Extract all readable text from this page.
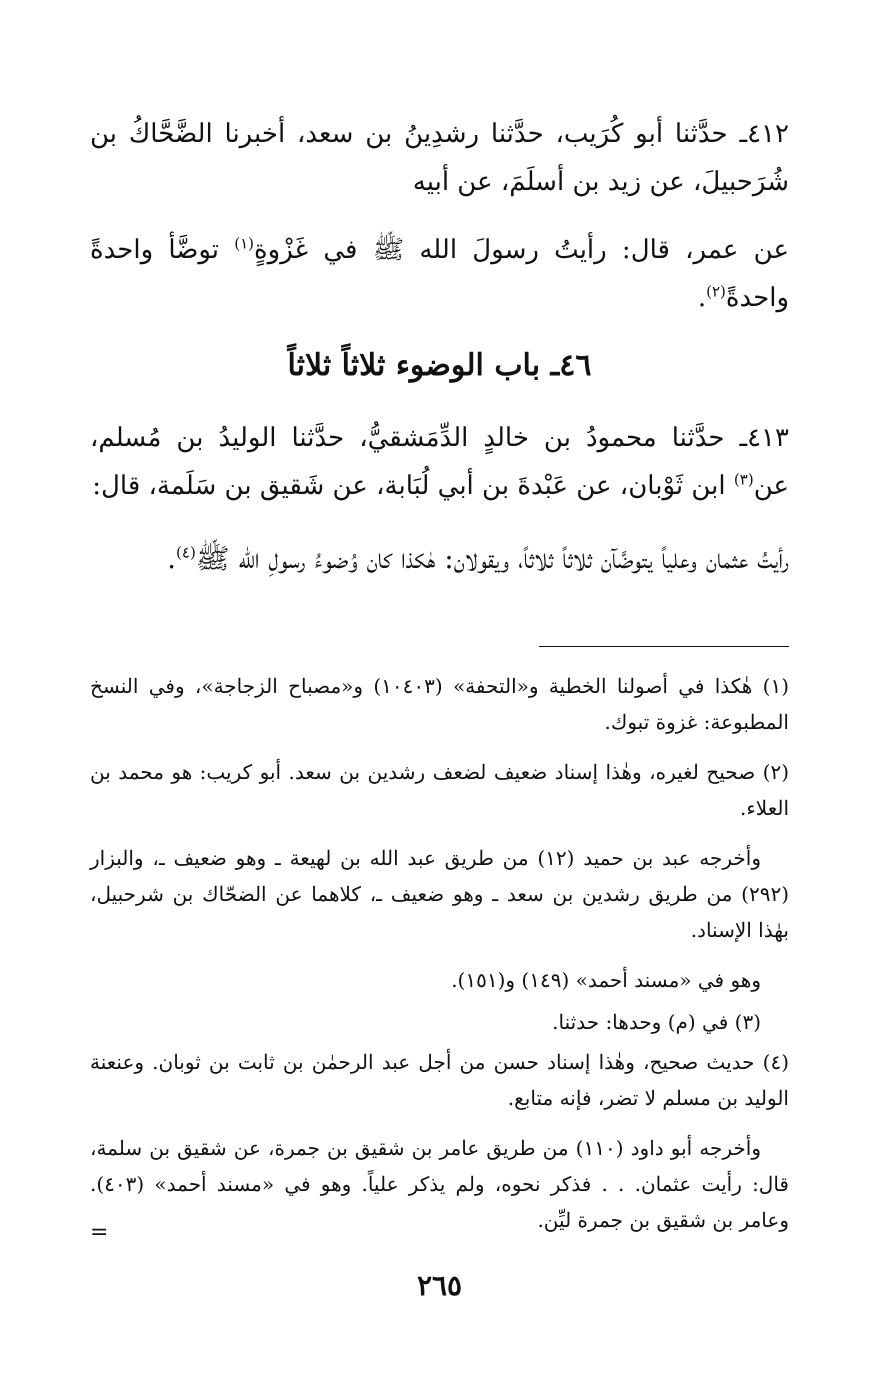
٤١٢ـ حدَّثنا أبو كُرَيب، حدَّثنا رشدِينُ بن سعد، أخبرنا الضَّحَّاكُ بن شُرَحبيلَ، عن زيد بن أسلَمَ، عن أبيه

عن عمر، قال: رأيتُ رسولَ الله ﷺ في غَزْوةٍ$^{(١)}$ توضَّأ واحدةً واحدةً$^{(٢)}$.

٤٦ـ باب الوضوء ثلاثاً ثلاثاً

٤١٣ـ حدَّثنا محمودُ بن خالدٍ الدِّمَشقيُّ، حدَّثنا الوليدُ بن مُسلم، عن$^{(٣)}$ ابن ثَوْبان، عن عَبْدةَ بن أبي لُبَابة، عن شَقيق بن سَلَمة، قال:

رأيتُ عثمان وعلياً يتوضَّآن ثلاثاً ثلاثاً، ويقولان: هٰكذا كان وُضوءُ رسولِ الله ﷺ$^{(٤)}$.

(١) هٰكذا في أصولنا الخطية و«التحفة» (١٠٤٠٣) و«مصباح الزجاجة»، وفي النسخ المطبوعة: غزوة تبوك.

(٢) صحيح لغيره، وهٰذا إسناد ضعيف لضعف رشدين بن سعد. أبو كريب: هو محمد بن العلاء.

وأخرجه عبد بن حميد (١٢) من طريق عبد الله بن لهيعة ـ وهو ضعيف ـ، والبزار (٢٩٢) من طريق رشدين بن سعد ـ وهو ضعيف ـ، كلاهما عن الضحّاك بن شرحبيل، بهٰذا الإسناد.

وهو في «مسند أحمد» (١٤٩) و(١٥١).

(٣) في (م) وحدها: حدثنا.

(٤) حديث صحيح، وهٰذا إسناد حسن من أجل عبد الرحمٰن بن ثابت بن ثوبان. وعنعنة الوليد بن مسلم لا تضر، فإنه متابع.

وأخرجه أبو داود (١١٠) من طريق عامر بن شقيق بن جمرة، عن شقيق بن سلمة، قال: رأيت عثمان. . . فذكر نحوه، ولم يذكر علياً. وهو في «مسند أحمد» (٤٠٣). وعامر بن شقيق بن جمرة ليِّن.

=

٢٦٥
